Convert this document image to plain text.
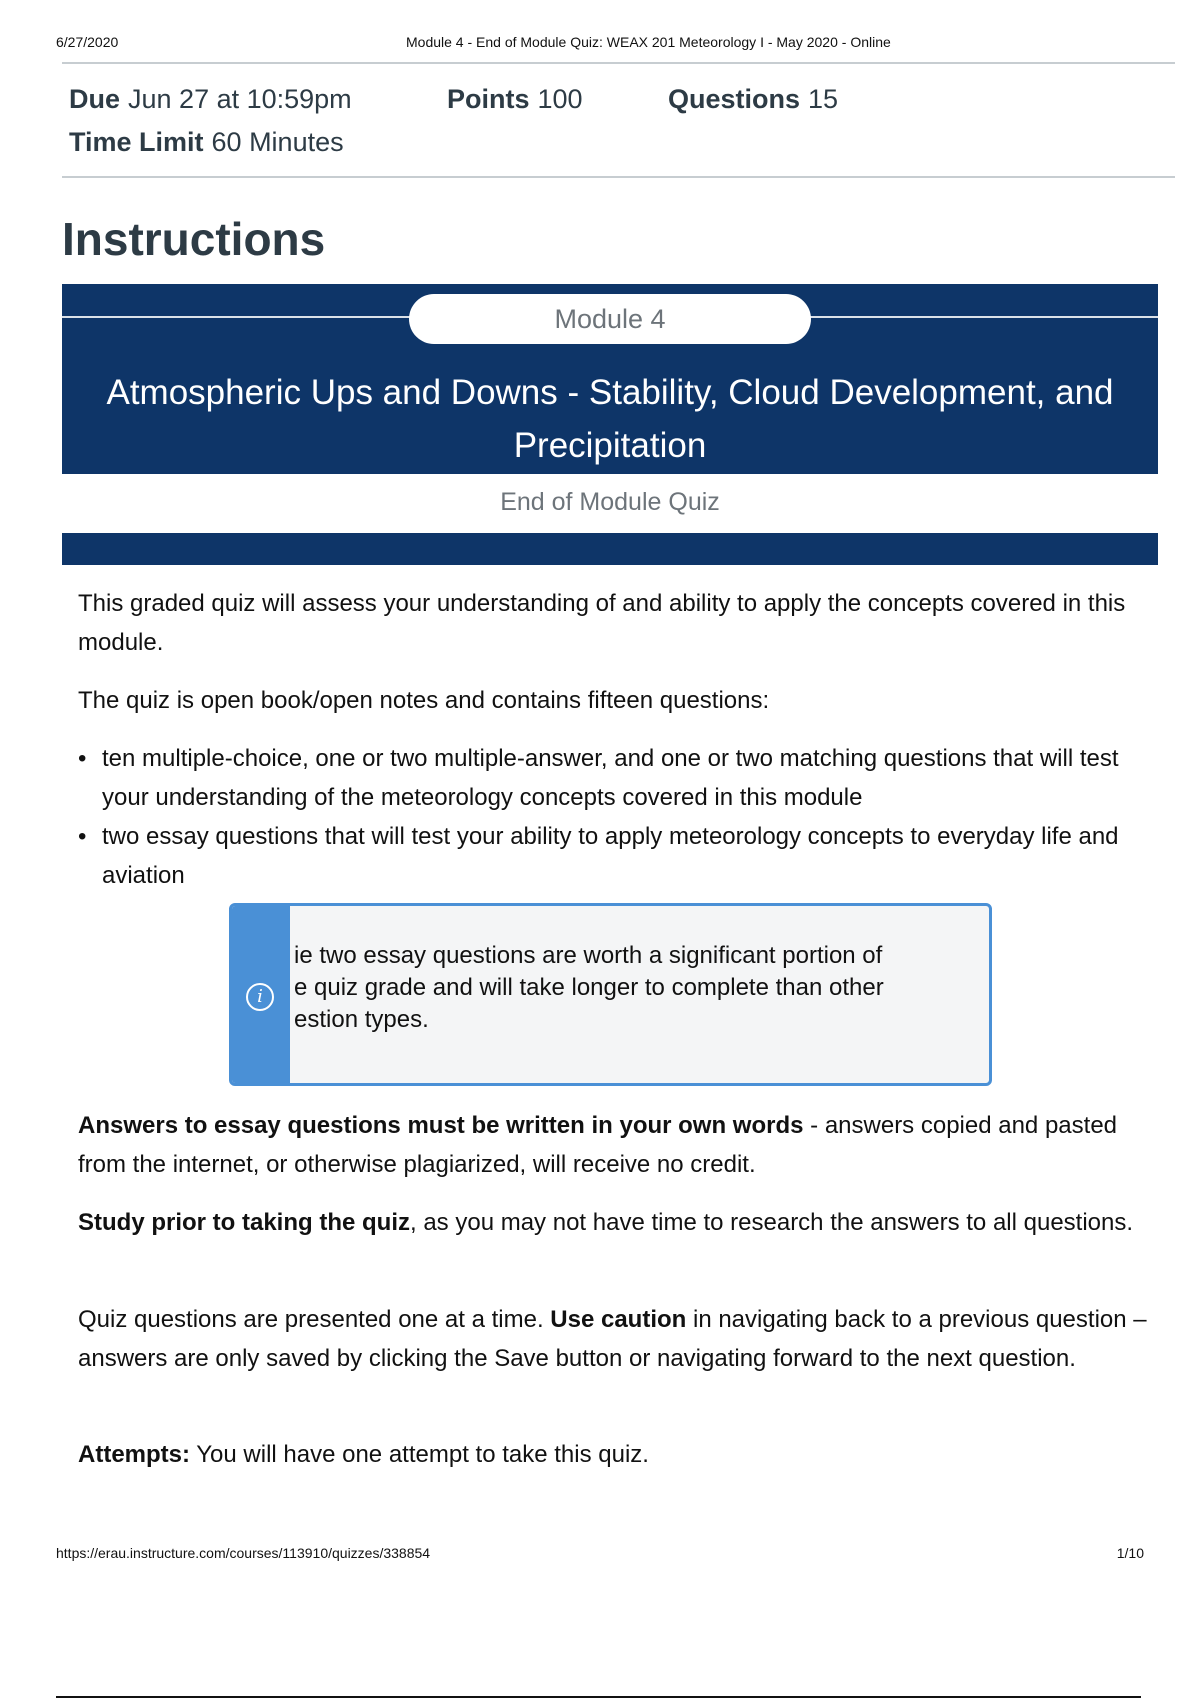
6/27/2020	Module 4 - End of Module Quiz: WEAX 201 Meteorology I - May 2020 - Online
Due Jun 27 at 10:59pm	Points 100	Questions 15
Time Limit 60 Minutes
Instructions
Module 4
Atmospheric Ups and Downs - Stability, Cloud Development, and Precipitation
End of Module Quiz

This graded quiz will assess your understanding of and ability to apply the concepts covered in this module.

The quiz is open book/open notes and contains fifteen questions:

• ten multiple-choice, one or two multiple-answer, and one or two matching questions that will test your understanding of the meteorology concepts covered in this module
• two essay questions that will test your ability to apply meteorology concepts to everyday life and aviation
i
ie two essay questions are worth a significant portion of
е quiz grade and will take longer to complete than other
estion types.

Answers to essay questions must be written in your own words - answers copied and pasted from the internet, or otherwise plagiarized, will receive no credit.

Study prior to taking the quiz, as you may not have time to research the answers to all questions.

Quiz questions are presented one at a time. Use caution in navigating back to a previous question – answers are only saved by clicking the Save button or navigating forward to the next question.

Attempts: You will have one attempt to take this quiz.

https://erau.instructure.com/courses/113910/quizzes/338854	1/10
